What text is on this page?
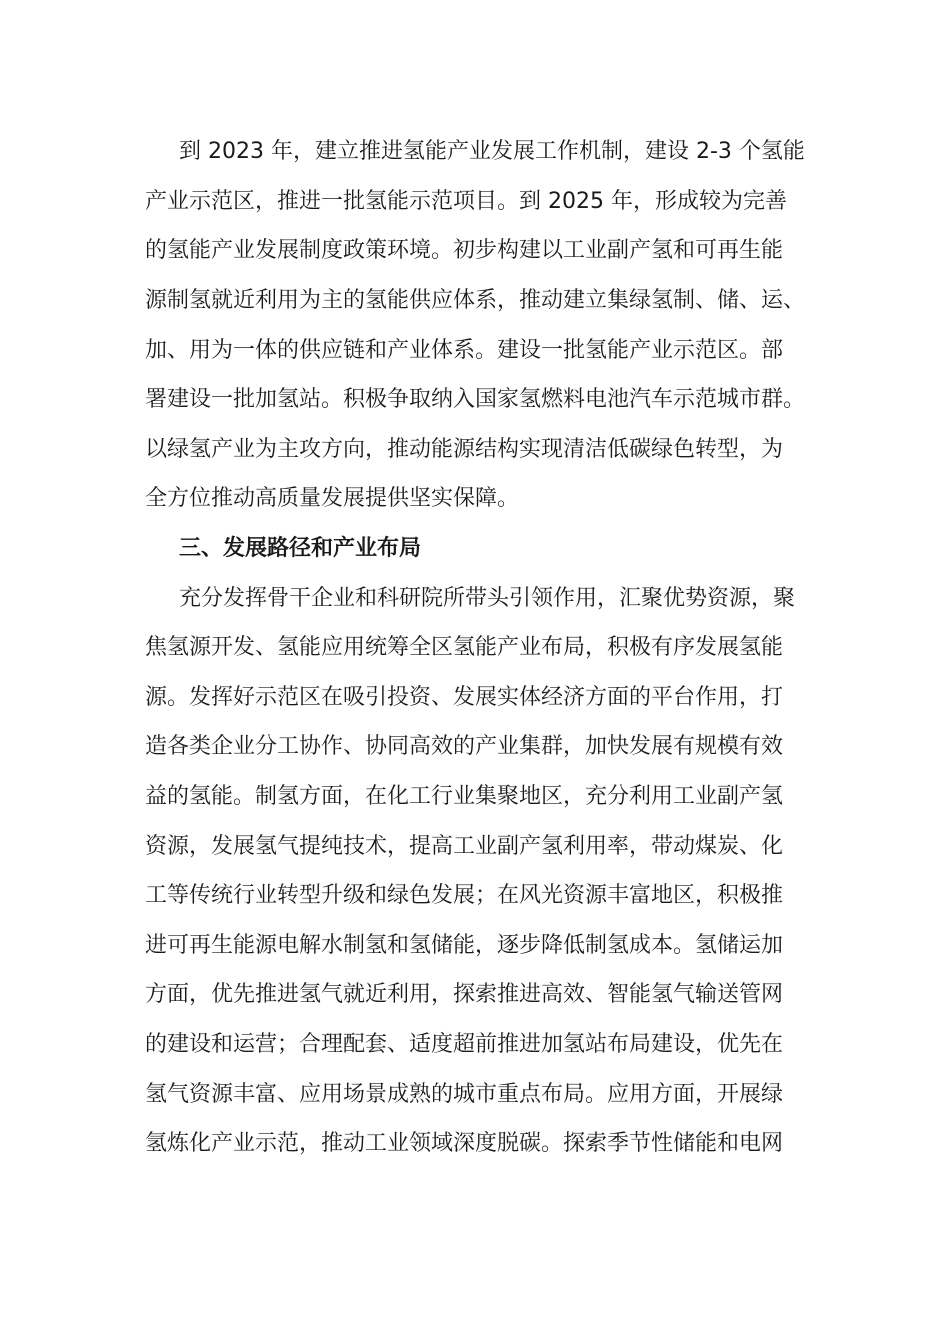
到 2023 年，建立推进氢能产业发展工作机制，建设 2-3 个氢能
产业示范区，推进一批氢能示范项目。到 2025 年，形成较为完善
的氢能产业发展制度政策环境。初步构建以工业副产氢和可再生能
源制氢就近利用为主的氢能供应体系，推动建立集绿氢制、储、运、
加、用为一体的供应链和产业体系。建设一批氢能产业示范区。部
署建设一批加氢站。积极争取纳入国家氢燃料电池汽车示范城市群。
以绿氢产业为主攻方向，推动能源结构实现清洁低碳绿色转型，为
全方位推动高质量发展提供坚实保障。
三、发展路径和产业布局
充分发挥骨干企业和科研院所带头引领作用，汇聚优势资源，聚
焦氢源开发、氢能应用统筹全区氢能产业布局，积极有序发展氢能
源。发挥好示范区在吸引投资、发展实体经济方面的平台作用，打
造各类企业分工协作、协同高效的产业集群，加快发展有规模有效
益的氢能。制氢方面，在化工行业集聚地区，充分利用工业副产氢
资源，发展氢气提纯技术，提高工业副产氢利用率，带动煤炭、化
工等传统行业转型升级和绿色发展；在风光资源丰富地区，积极推
进可再生能源电解水制氢和氢储能，逐步降低制氢成本。氢储运加
方面，优先推进氢气就近利用，探索推进高效、智能氢气输送管网
的建设和运营；合理配套、适度超前推进加氢站布局建设，优先在
氢气资源丰富、应用场景成熟的城市重点布局。应用方面，开展绿
氢炼化产业示范，推动工业领域深度脱碳。探索季节性储能和电网
